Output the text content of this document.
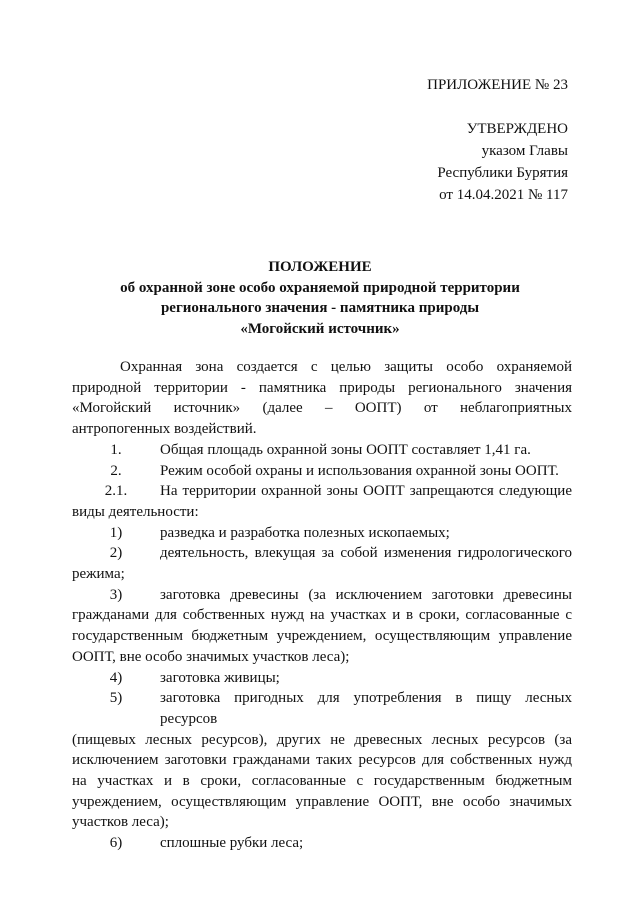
ПРИЛОЖЕНИЕ № 23

УТВЕРЖДЕНО

указом Главы

Республики Бурятия

от 14.04.2021 № 117

ПОЛОЖЕНИЕ

об охранной зоне особо охраняемой природной территории

регионального значения - памятника природы

«Могойский источник»

Охранная зона создается с целью защиты особо охраняемой

природной территории - памятника природы регионального значения

«Могойский источник» (далее – ООПТ) от неблагоприятных

антропогенных воздействий.

1.	Общая площадь охранной зоны ООПТ составляет 1,41 га.
2.	Режим особой охраны и использования охранной зоны ООПТ.
2.1.	На территории охранной зоны ООПТ запрещаются следующие

виды деятельности:

1)	разведка и разработка полезных ископаемых;
2)	деятельность, влекущая за собой изменения гидрологического

режима;

3)	заготовка древесины (за исключением заготовки древесины

гражданами для собственных нужд на участках и в сроки, согласованные с

государственным бюджетным учреждением, осуществляющим управление

ООПТ, вне особо значимых участков леса);

4)	заготовка живицы;
5)	заготовка пригодных для употребления в пищу лесных ресурсов

(пищевых лесных ресурсов), других не древесных лесных ресурсов (за

исключением заготовки гражданами таких ресурсов для собственных нужд

на участках и в сроки, согласованные с государственным бюджетным

учреждением, осуществляющим управление ООПТ, вне особо значимых

участков леса);

6)	сплошные рубки леса;
